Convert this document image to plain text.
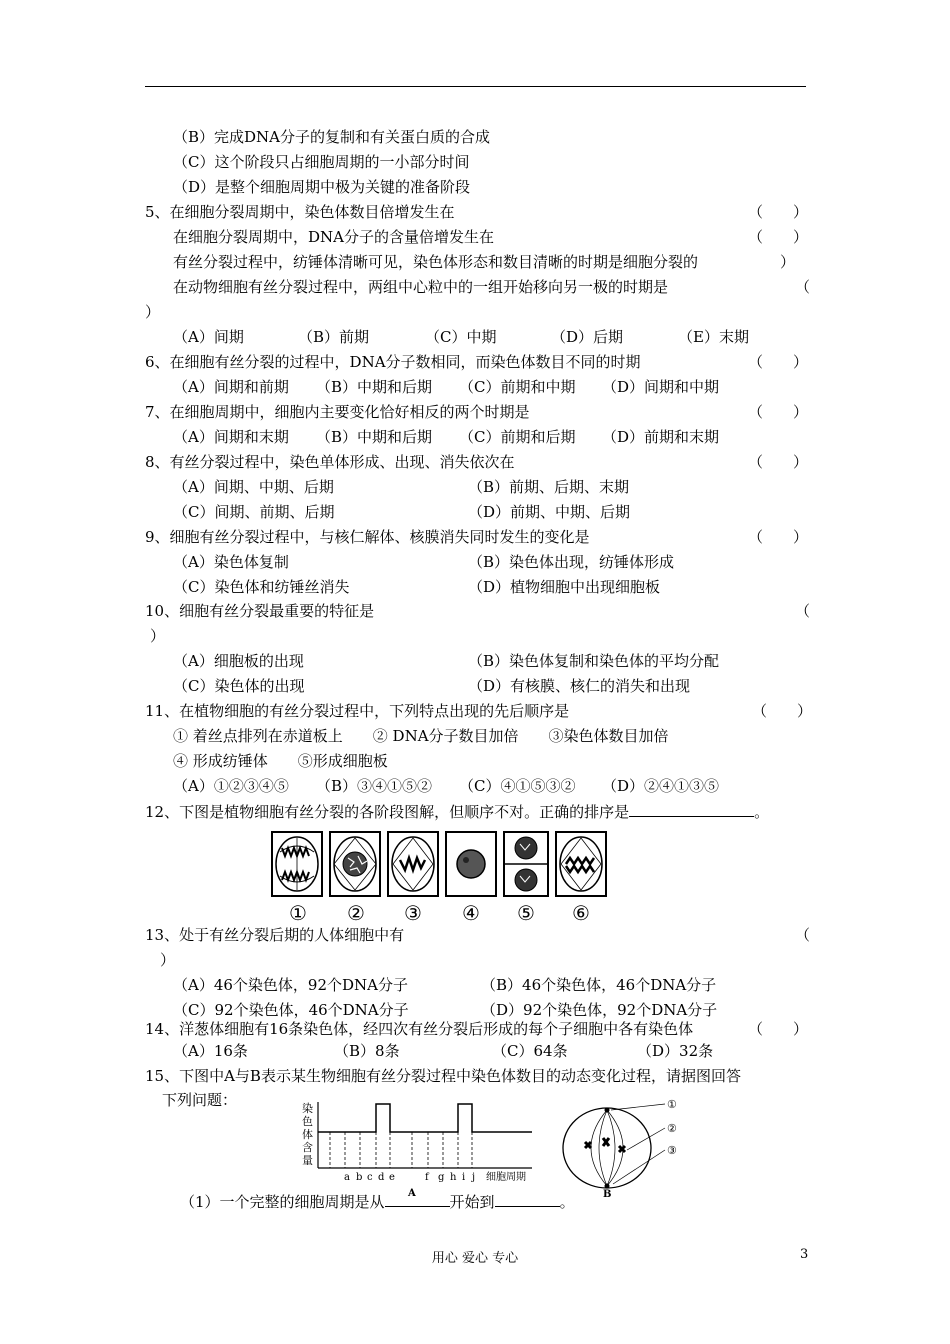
（B）完成DNA分子的复制和有关蛋白质的合成
（C）这个阶段只占细胞周期的一小部分时间
（D）是整个细胞周期中极为关键的准备阶段
5、在细胞分裂周期中，染色体数目倍增发生在	（　　）
在细胞分裂周期中，DNA分子的含量倍增发生在	（　　）
有丝分裂过程中，纺锤体清晰可见，染色体形态和数目清晰的时期是细胞分裂的	）
在动物细胞有丝分裂过程中，两组中心粒中的一组开始移向另一极的时期是	（
）
（A）间期	（B）前期	（C）中期	（D）后期	（E）末期
6、在细胞有丝分裂的过程中，DNA分子数相同，而染色体数目不同的时期	（　　）
（A）间期和前期 （B）中期和后期 （C）前期和中期 （D）间期和中期
7、在细胞周期中，细胞内主要变化恰好相反的两个时期是	（　　）
（A）间期和末期 （B）中期和后期 （C）前期和后期 （D）前期和末期
8、有丝分裂过程中，染色单体形成、出现、消失依次在	（　　）
（A）间期、中期、后期	（B）前期、后期、末期
（C）间期、前期、后期	（D）前期、中期、后期
9、细胞有丝分裂过程中，与核仁解体、核膜消失同时发生的变化是	（　　）
（A）染色体复制	（B）染色体出现，纺锤体形成
（C）染色体和纺锤丝消失	（D）植物细胞中出现细胞板
10、细胞有丝分裂最重要的特征是	（
）
（A）细胞板的出现	（B）染色体复制和染色体的平均分配
（C）染色体的出现	（D）有核膜、核仁的消失和出现
11、在植物细胞的有丝分裂过程中，下列特点出现的先后顺序是	（　　）
① 着丝点排列在赤道板上　　② DNA分子数目加倍　　③染色体数目加倍
④ 形成纺锤体　　⑤形成细胞板
（A）①②③④⑤ （B）③④①⑤② （C）④①⑤③② （D）②④①③⑤
12、下图是植物细胞有丝分裂的各阶段图解，但顺序不对。正确的排序是	。
① ② ③ ④ ⑤ ⑥
13、处于有丝分裂后期的人体细胞中有	（
）
（A）46个染色体，92个DNA分子	（B）46个染色体，46个DNA分子
（C）92个染色体，46个DNA分子	（D）92个染色体，92个DNA分子
14、洋葱体细胞有16条染色体，经四次有丝分裂后形成的每个子细胞中各有染色体	（　　）
（A）16条	（B）8条	（C）64条	（D）32条
15、下图中A与B表示某生物细胞有丝分裂过程中染色体数目的动态变化过程，请据图回答
下列问题：	染 色 体 含 量
a b c d e	f g h i j 细胞周期
A
①
②
③
B
（1）一个完整的细胞周期是从	开始到	。
用心 爱心 专心	3
